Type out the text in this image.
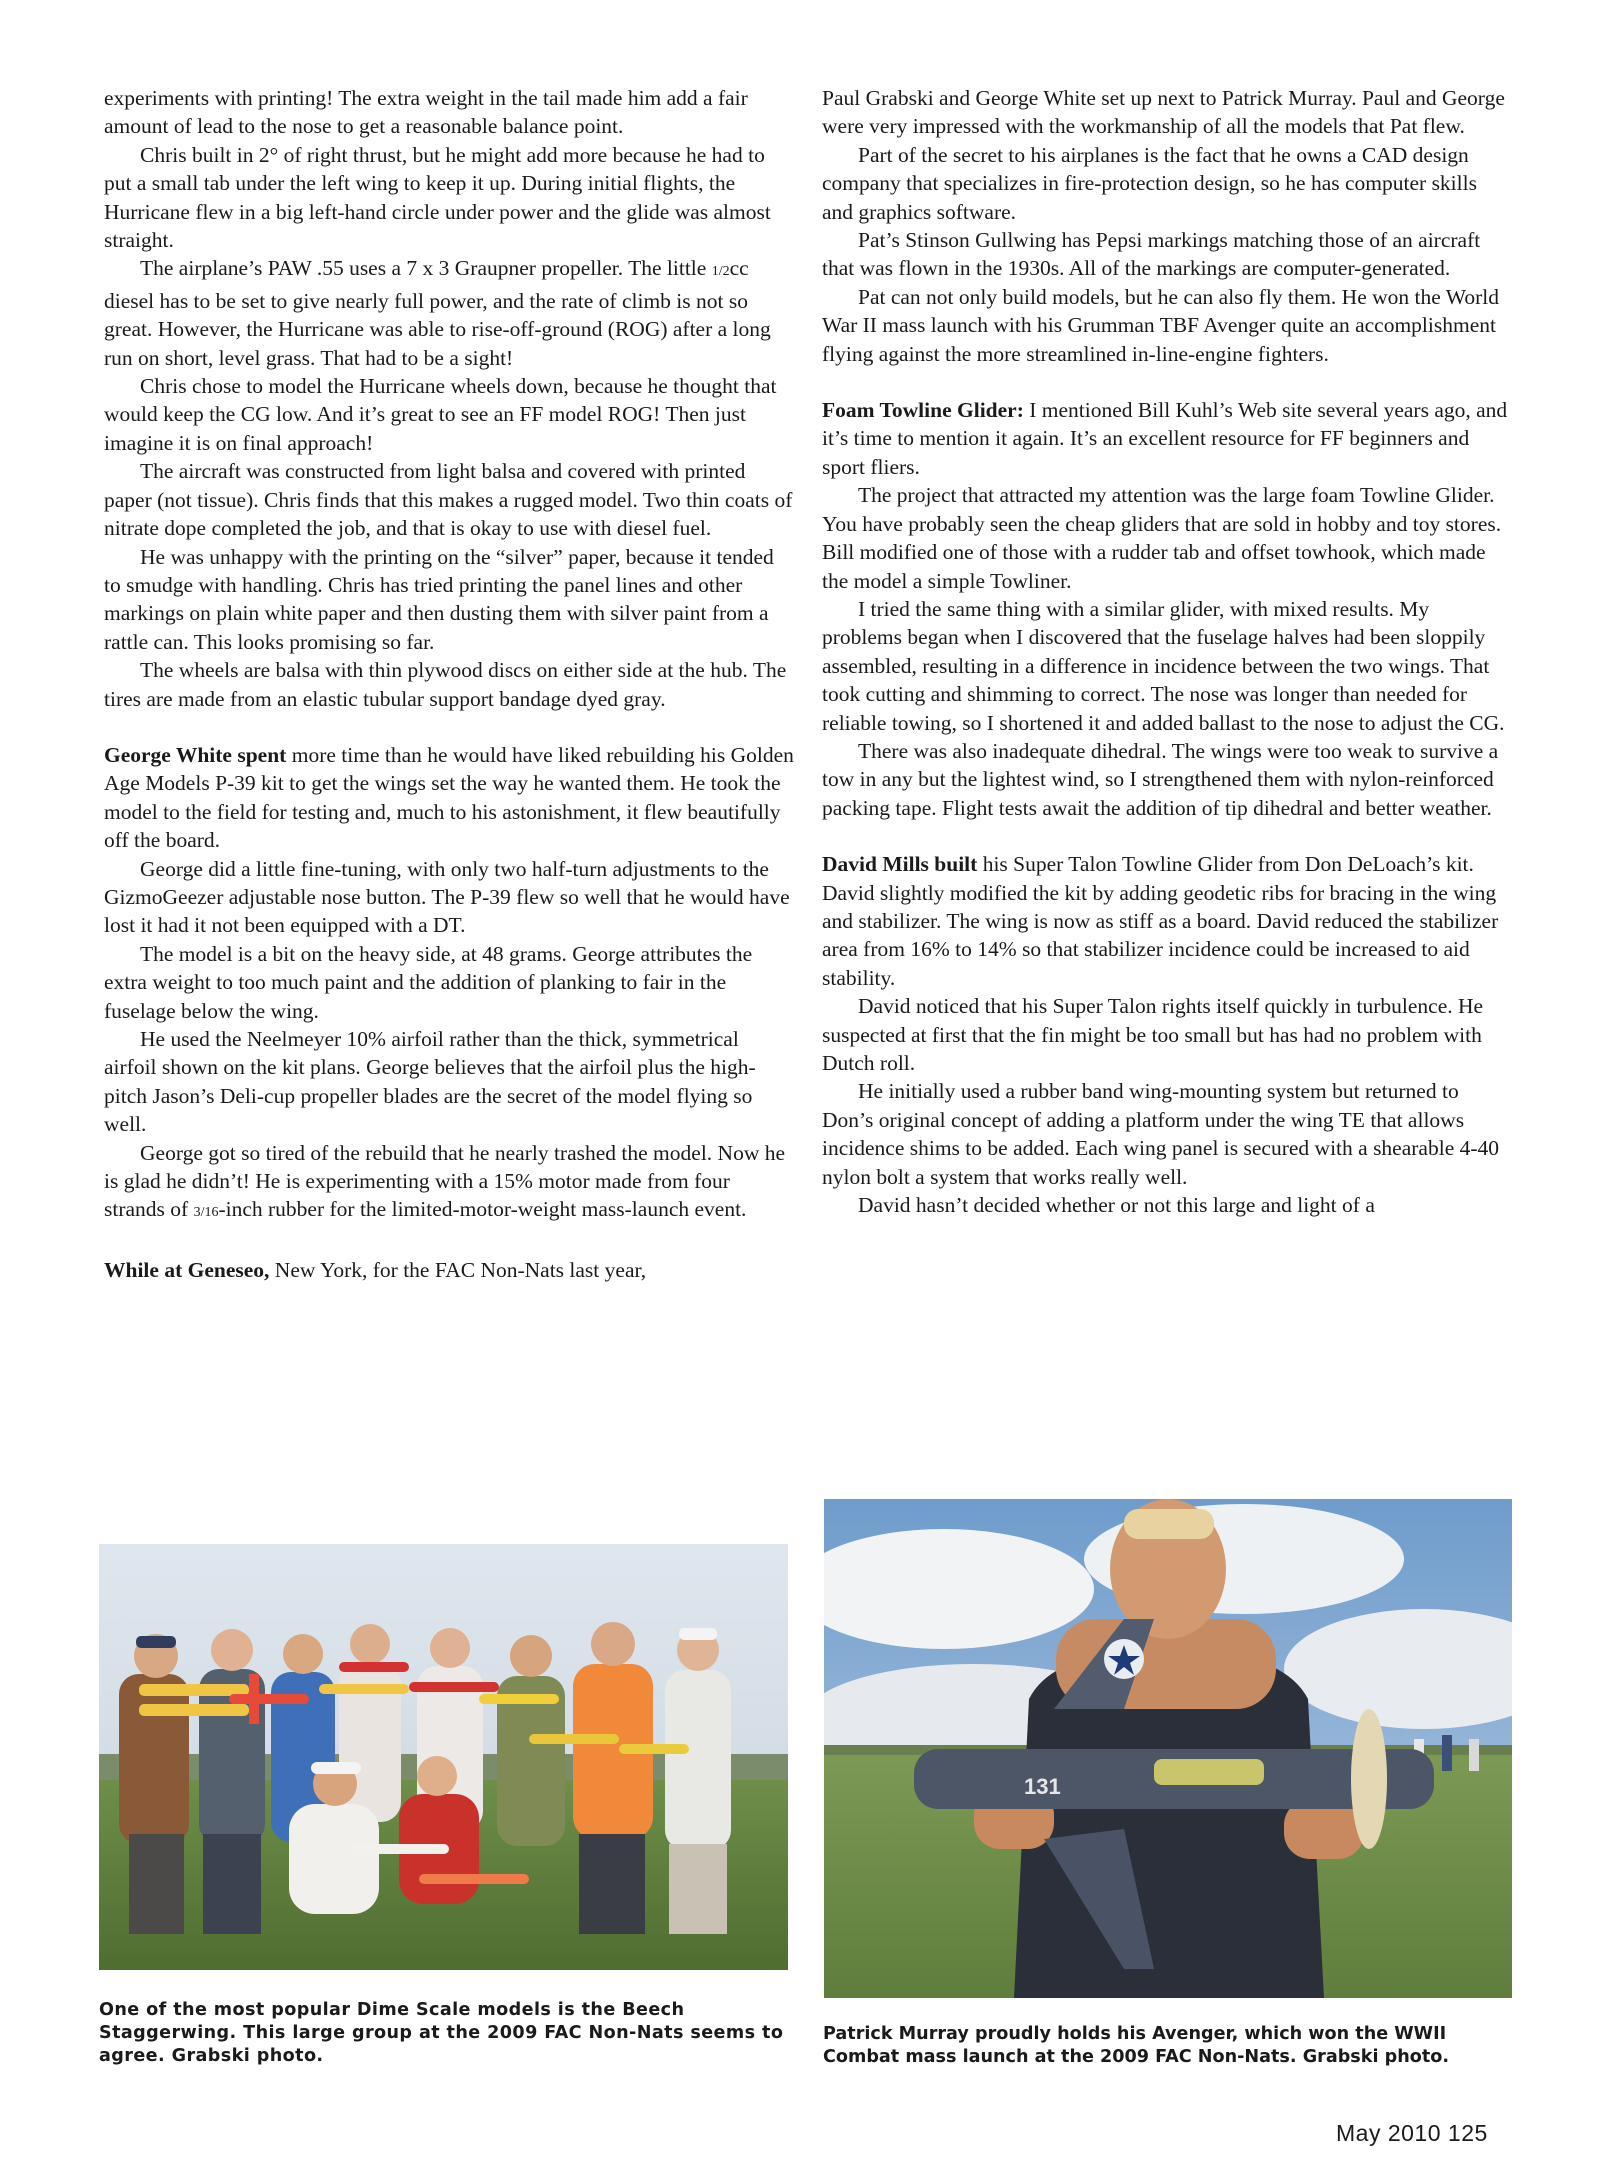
experiments with printing! The extra weight in the tail made him add a fair amount of lead to the nose to get a reasonable balance point.

Chris built in 2° of right thrust, but he might add more because he had to put a small tab under the left wing to keep it up. During initial flights, the Hurricane flew in a big left-hand circle under power and the glide was almost straight.

The airplane’s PAW .55 uses a 7 x 3 Graupner propeller. The little 1/2cc diesel has to be set to give nearly full power, and the rate of climb is not so great. However, the Hurricane was able to rise-off-ground (ROG) after a long run on short, level grass. That had to be a sight!

Chris chose to model the Hurricane wheels down, because he thought that would keep the CG low. And it’s great to see an FF model ROG! Then just imagine it is on final approach!

The aircraft was constructed from light balsa and covered with printed paper (not tissue). Chris finds that this makes a rugged model. Two thin coats of nitrate dope completed the job, and that is okay to use with diesel fuel.

He was unhappy with the printing on the “silver” paper, because it tended to smudge with handling. Chris has tried printing the panel lines and other markings on plain white paper and then dusting them with silver paint from a rattle can. This looks promising so far.

The wheels are balsa with thin plywood discs on either side at the hub. The tires are made from an elastic tubular support bandage dyed gray.

George White spent more time than he would have liked rebuilding his Golden Age Models P-39 kit to get the wings set the way he wanted them. He took the model to the field for testing and, much to his astonishment, it flew beautifully off the board.

George did a little fine-tuning, with only two half-turn adjustments to the GizmoGeezer adjustable nose button. The P-39 flew so well that he would have lost it had it not been equipped with a DT.

The model is a bit on the heavy side, at 48 grams. George attributes the extra weight to too much paint and the addition of planking to fair in the fuselage below the wing.

He used the Neelmeyer 10% airfoil rather than the thick, symmetrical airfoil shown on the kit plans. George believes that the airfoil plus the high-pitch Jason’s Deli-cup propeller blades are the secret of the model flying so well.

George got so tired of the rebuild that he nearly trashed the model. Now he is glad he didn’t! He is experimenting with a 15% motor made from four strands of 3/16-inch rubber for the limited-motor-weight mass-launch event.

While at Geneseo, New York, for the FAC Non-Nats last year,

Paul Grabski and George White set up next to Patrick Murray. Paul and George were very impressed with the workmanship of all the models that Pat flew.

Part of the secret to his airplanes is the fact that he owns a CAD design company that specializes in fire-protection design, so he has computer skills and graphics software.

Pat’s Stinson Gullwing has Pepsi markings matching those of an aircraft that was flown in the 1930s. All of the markings are computer-generated.

Pat can not only build models, but he can also fly them. He won the World War II mass launch with his Grumman TBF Avenger quite an accomplishment flying against the more streamlined in-line-engine fighters.

Foam Towline Glider: I mentioned Bill Kuhl’s Web site several years ago, and it’s time to mention it again. It’s an excellent resource for FF beginners and sport fliers.

The project that attracted my attention was the large foam Towline Glider. You have probably seen the cheap gliders that are sold in hobby and toy stores. Bill modified one of those with a rudder tab and offset towhook, which made the model a simple Towliner.

I tried the same thing with a similar glider, with mixed results. My problems began when I discovered that the fuselage halves had been sloppily assembled, resulting in a difference in incidence between the two wings. That took cutting and shimming to correct. The nose was longer than needed for reliable towing, so I shortened it and added ballast to the nose to adjust the CG.

There was also inadequate dihedral. The wings were too weak to survive a tow in any but the lightest wind, so I strengthened them with nylon-reinforced packing tape. Flight tests await the addition of tip dihedral and better weather.

David Mills built his Super Talon Towline Glider from Don DeLoach’s kit. David slightly modified the kit by adding geodetic ribs for bracing in the wing and stabilizer. The wing is now as stiff as a board. David reduced the stabilizer area from 16% to 14% so that stabilizer incidence could be increased to aid stability.

David noticed that his Super Talon rights itself quickly in turbulence. He suspected at first that the fin might be too small but has had no problem with Dutch roll.

He initially used a rubber band wing-mounting system but returned to Don’s original concept of adding a platform under the wing TE that allows incidence shims to be added. Each wing panel is secured with a shearable 4-40 nylon bolt a system that works really well.

David hasn’t decided whether or not this large and light of a

131
One of the most popular Dime Scale models is the Beech Staggerwing. This large group at the 2009 FAC Non-Nats seems to agree. Grabski photo.
Patrick Murray proudly holds his Avenger, which won the WWII Combat mass launch at the 2009 FAC Non-Nats. Grabski photo.
May 2010 125
